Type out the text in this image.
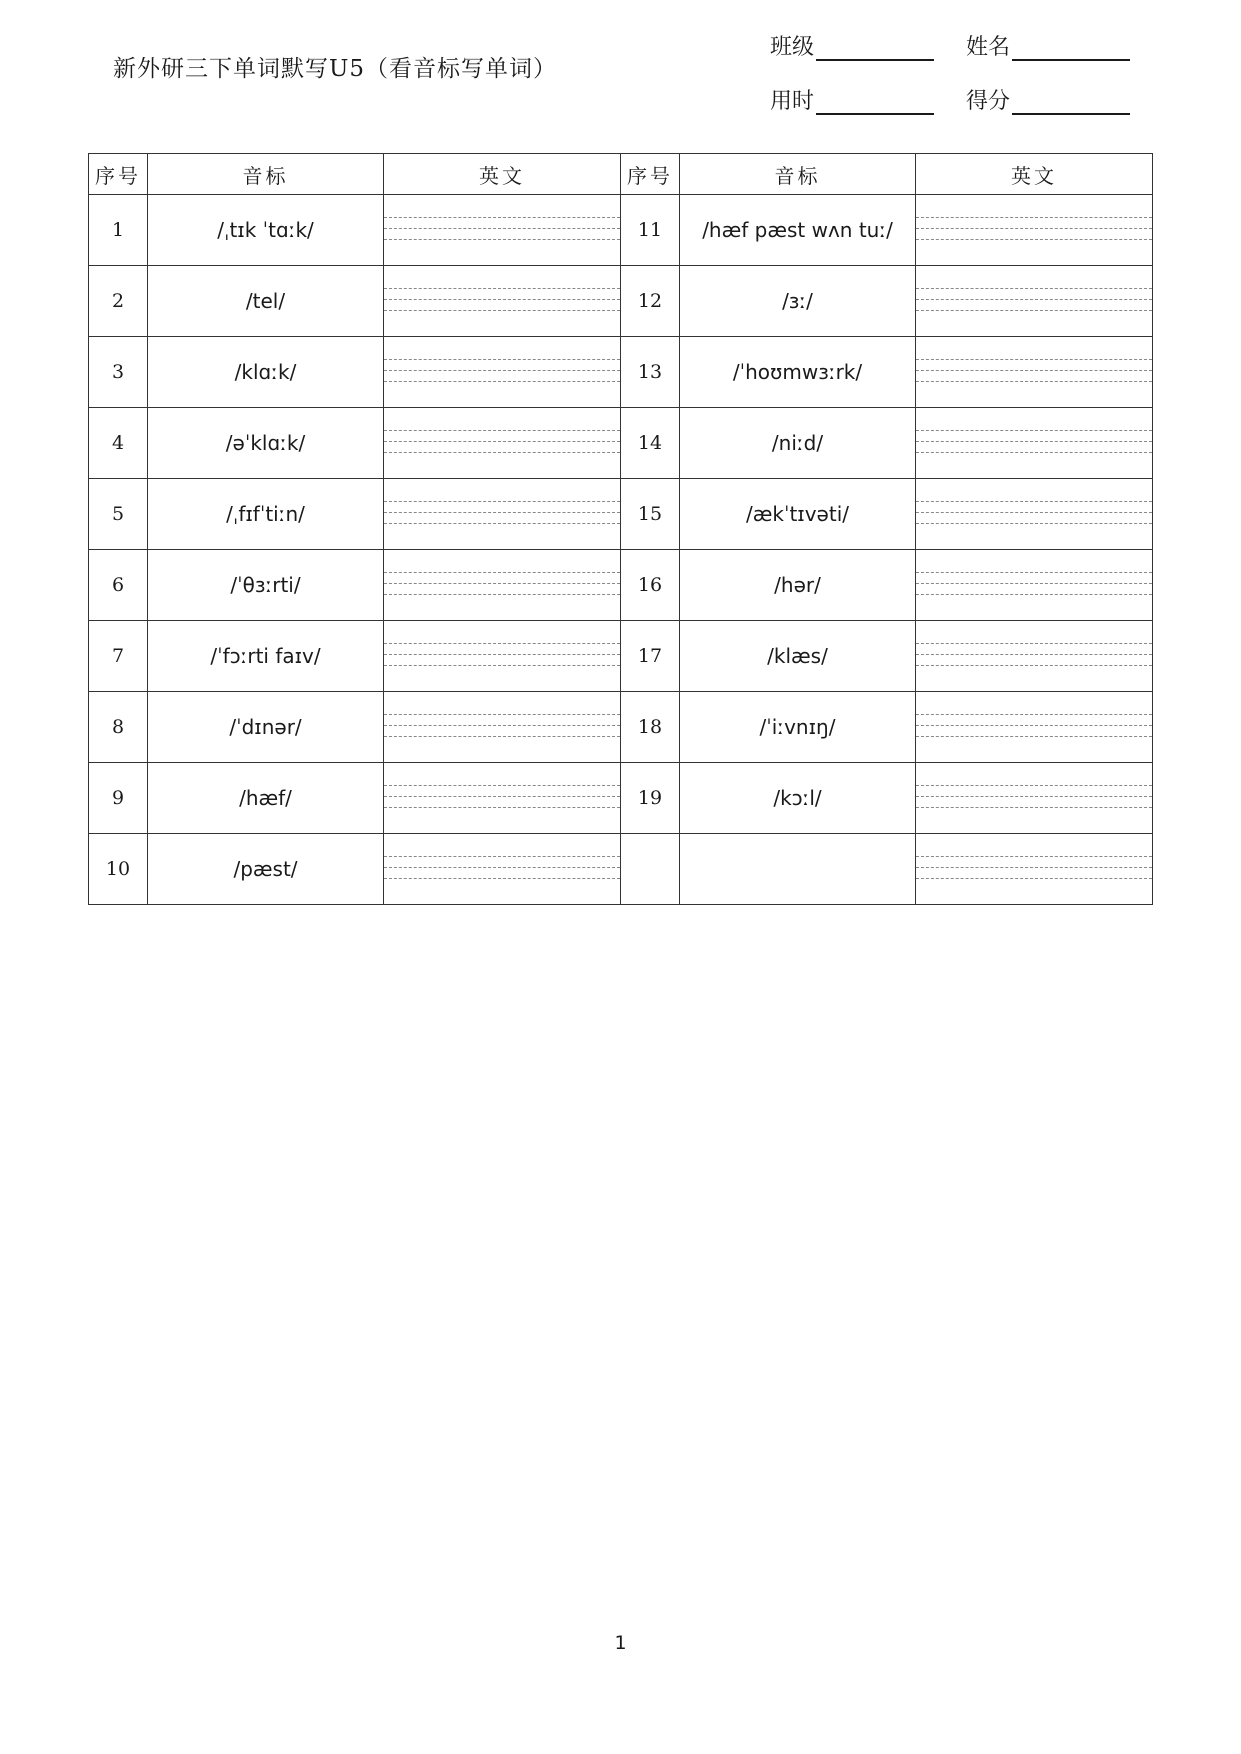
新外研三下单词默写U5（看音标写单词）
班级	姓名
用时	得分
序号	音标	英文	序号	音标	英文
1	/ˌtɪk ˈtɑːk/		11	/hæf pæst wʌn tuː/	

2	/tel/		12	/ɜː/	

3	/klɑːk/		13	/ˈhoʊmwɜːrk/	

4	/əˈklɑːk/		14	/niːd/	

5	/ˌfɪfˈtiːn/		15	/ækˈtɪvəti/	

6	/ˈθɜːrti/		16	/hər/	

7	/ˈfɔːrti faɪv/		17	/klæs/	

8	/ˈdɪnər/		18	/ˈiːvnɪŋ/	

9	/hæf/		19	/kɔːl/	

10	/pæst/	

1
